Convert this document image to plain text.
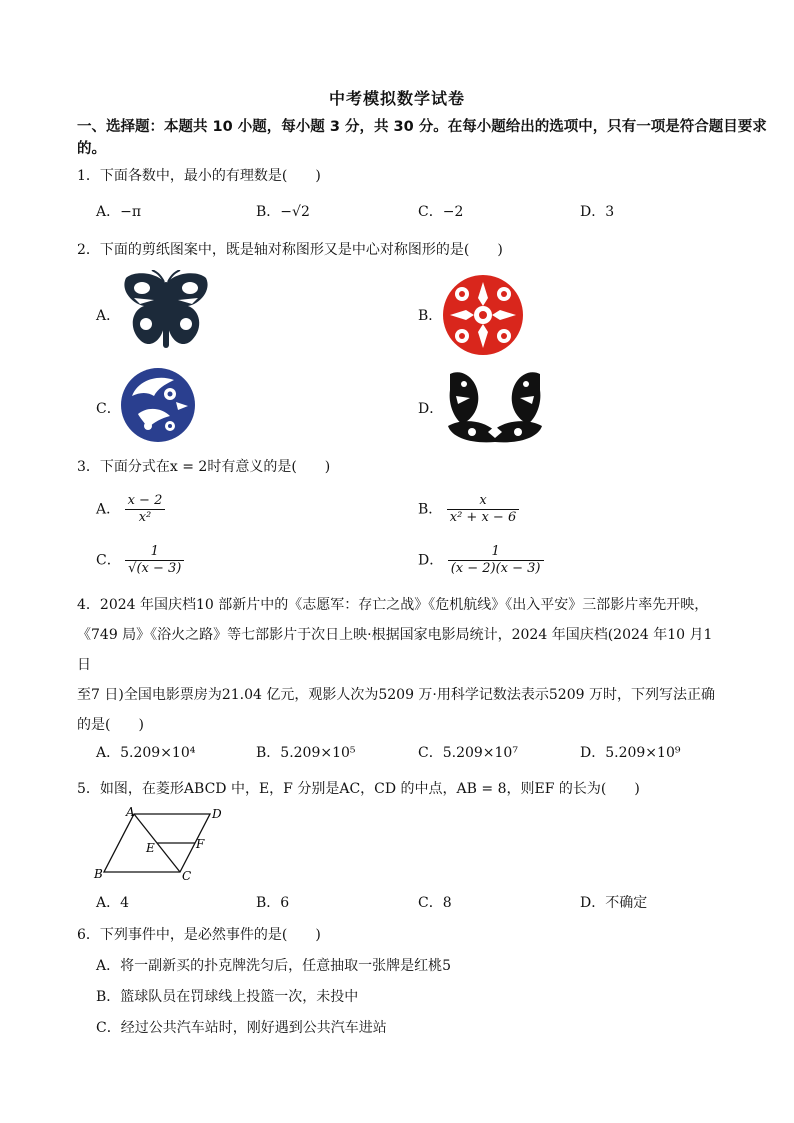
中考模拟数学试卷
一、选择题：本题共 10 小题，每小题 3 分，共 30 分。在每小题给出的选项中，只有一项是符合题目要求的。
1．下面各数中，最小的有理数是(　　)
A．−π	B．−√2	C．−2	D．3
2．下面的剪纸图案中，既是轴对称图形又是中心对称图形的是(　　)
A．	B．
C．	D．
3．下面分式在x = 2时有意义的是(　　)
A． $\frac{x - 2}{\text{x²}}$	B． $\frac{x}{\text{x² + x − 6}}$
C． $\frac{1}{√(x - 3)}$	D． $\frac{1}{(x - 2)(x - 3)}$
4．2024 年国庆档10 部新片中的《志愿军：存亡之战》《危机航线》《出入平安》三部影片率先开映，
《749 局》《浴火之路》等七部影片于次日上映·根据国家电影局统计，2024 年国庆档(2024 年10 月1 日
至7 日)全国电影票房为21.04 亿元，观影人次为5209 万·用科学记数法表示5209 万时，下列写法正确
的是(　　)
A．5.209×10⁴	B．5.209×10⁵	C．5.209×10⁷	D．5.209×10⁹
5．如图，在菱形ABCD 中，E，F 分别是AC，CD 的中点，AB = 8，则EF 的长为(　　)
A	D
B	C
E	F
A．4	B．6	C．8	D．不确定
6．下列事件中，是必然事件的是(　　)
A．将一副新买的扑克牌洗匀后，任意抽取一张牌是红桃5
B．篮球队员在罚球线上投篮一次，未投中
C．经过公共汽车站时，刚好遇到公共汽车进站
